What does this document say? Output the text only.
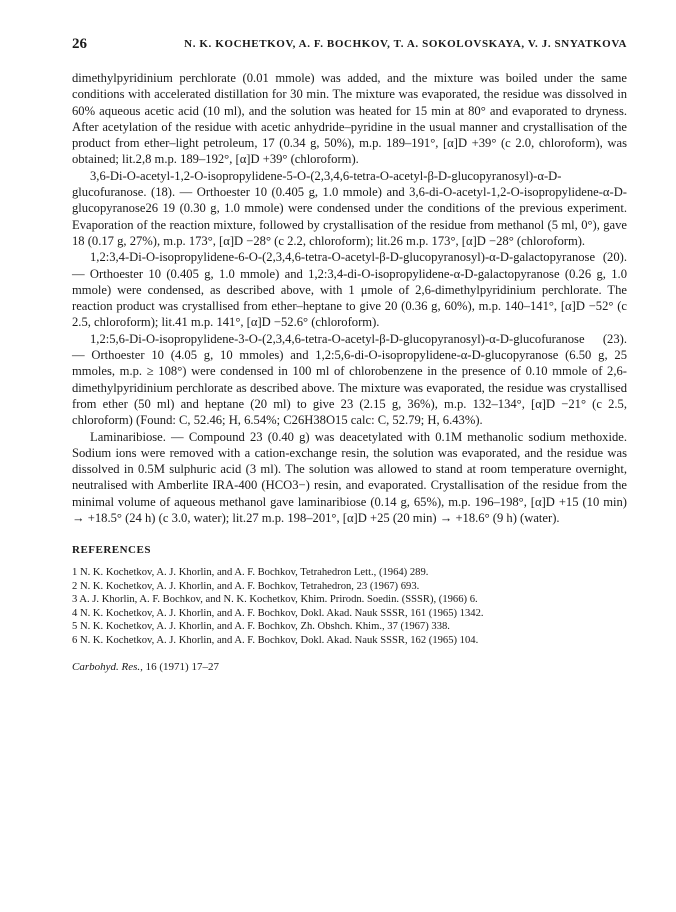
26	N. K. KOCHETKOV, A. F. BOCHKOV, T. A. SOKOLOVSKAYA, V. J. SNYATKOVA

dimethylpyridinium perchlorate (0.01 mmole) was added, and the mixture was boiled under the same conditions with accelerated distillation for 30 min. The mixture was evaporated, the residue was dissolved in 60% aqueous acetic acid (10 ml), and the solution was heated for 15 min at 80° and evaporated to dryness. After acetylation of the residue with acetic anhydride–pyridine in the usual manner and crystallisation of the product from ether–light petroleum, 17 (0.34 g, 50%), m.p. 189–191°, [α]D +39° (c 2.0, chloroform), was obtained; lit.2,8 m.p. 189–192°, [α]D +39° (chloroform).

3,6-Di-O-acetyl-1,2-O-isopropylidene-5-O-(2,3,4,6-tetra-O-acetyl-β-D-glucopyranosyl)-α-D-glucofuranose. (18). — Orthoester 10 (0.405 g, 1.0 mmole) and 3,6-di-O-acetyl-1,2-O-isopropylidene-α-D-glucopyranose26 19 (0.30 g, 1.0 mmole) were condensed under the conditions of the previous experiment. Evaporation of the reaction mixture, followed by crystallisation of the residue from methanol (5 ml, 0°), gave 18 (0.17 g, 27%), m.p. 173°, [α]D −28° (c 2.2, chloroform); lit.26 m.p. 173°, [α]D −28° (chloroform).

1,2:3,4-Di-O-isopropylidene-6-O-(2,3,4,6-tetra-O-acetyl-β-D-glucopyranosyl)-α-D-galactopyranose (20). — Orthoester 10 (0.405 g, 1.0 mmole) and 1,2:3,4-di-O-isopropylidene-α-D-galactopyranose (0.26 g, 1.0 mmole) were condensed, as described above, with 1 μmole of 2,6-dimethylpyridinium perchlorate. The reaction product was crystallised from ether–heptane to give 20 (0.36 g, 60%), m.p. 140–141°, [α]D −52° (c 2.5, chloroform); lit.41 m.p. 141°, [α]D −52.6° (chloroform).

1,2:5,6-Di-O-isopropylidene-3-O-(2,3,4,6-tetra-O-acetyl-β-D-glucopyranosyl)-α-D-glucofuranose (23). — Orthoester 10 (4.05 g, 10 mmoles) and 1,2:5,6-di-O-isopropylidene-α-D-glucopyranose (6.50 g, 25 mmoles, m.p. ≥ 108°) were condensed in 100 ml of chlorobenzene in the presence of 0.10 mmole of 2,6-dimethylpyridinium perchlorate as described above. The mixture was evaporated, the residue was crystallised from ether (50 ml) and heptane (20 ml) to give 23 (2.15 g, 36%), m.p. 132–134°, [α]D −21° (c 2.5, chloroform) (Found: C, 52.46; H, 6.54%; C26H38O15 calc: C, 52.79; H, 6.43%).

Laminaribiose. — Compound 23 (0.40 g) was deacetylated with 0.1M methanolic sodium methoxide. Sodium ions were removed with a cation-exchange resin, the solution was evaporated, and the residue was dissolved in 0.5M sulphuric acid (3 ml). The solution was allowed to stand at room temperature overnight, neutralised with Amberlite IRA-400 (HCO3−) resin, and evaporated. Crystallisation of the residue from the minimal volume of aqueous methanol gave laminaribiose (0.14 g, 65%), m.p. 196–198°, [α]D +15 (10 min) → +18.5° (24 h) (c 3.0, water); lit.27 m.p. 198–201°, [α]D +25 (20 min) → +18.6° (9 h) (water).

REFERENCES

1 N. K. Kochetkov, A. J. Khorlin, and A. F. Bochkov, Tetrahedron Lett., (1964) 289.

2 N. K. Kochetkov, A. J. Khorlin, and A. F. Bochkov, Tetrahedron, 23 (1967) 693.

3 A. J. Khorlin, A. F. Bochkov, and N. K. Kochetkov, Khim. Prirodn. Soedin. (SSSR), (1966) 6.

4 N. K. Kochetkov, A. J. Khorlin, and A. F. Bochkov, Dokl. Akad. Nauk SSSR, 161 (1965) 1342.

5 N. K. Kochetkov, A. J. Khorlin, and A. F. Bochkov, Zh. Obshch. Khim., 37 (1967) 338.

6 N. K. Kochetkov, A. J. Khorlin, and A. F. Bochkov, Dokl. Akad. Nauk SSSR, 162 (1965) 104.

Carbohyd. Res., 16 (1971) 17–27
